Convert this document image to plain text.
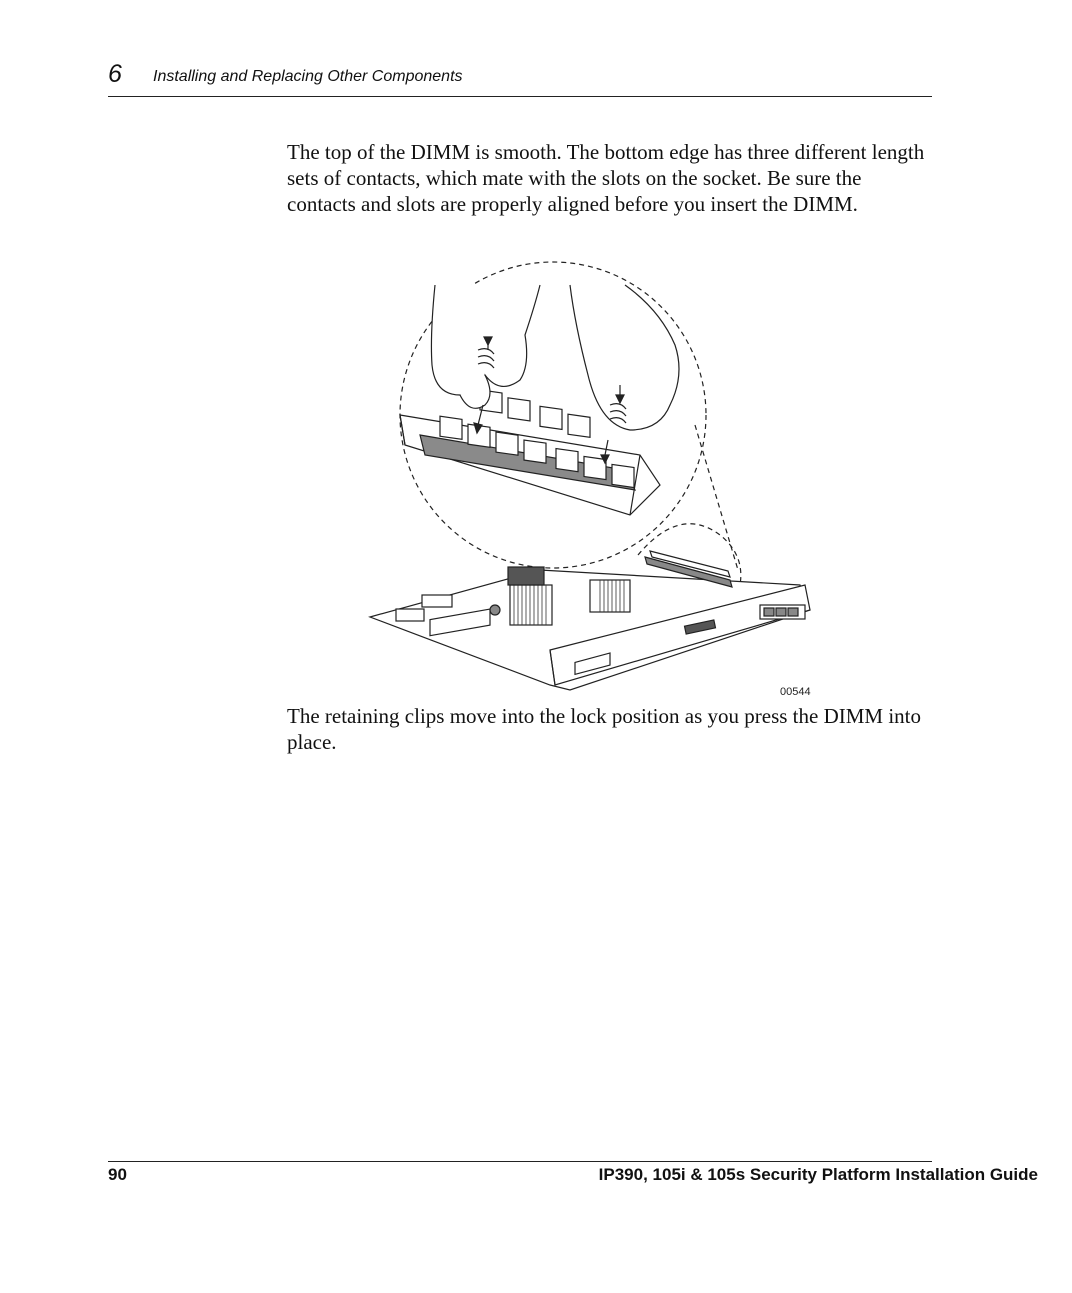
6 Installing and Replacing Other Components

The top of the DIMM is smooth. The bottom edge has three different length sets of contacts, which mate with the slots on the socket. Be sure the contacts and slots are properly aligned before you insert the DIMM.

00544

The retaining clips move into the lock position as you press the DIMM into place.

90	IP390, 105i & 105s Security Platform Installation Guide
